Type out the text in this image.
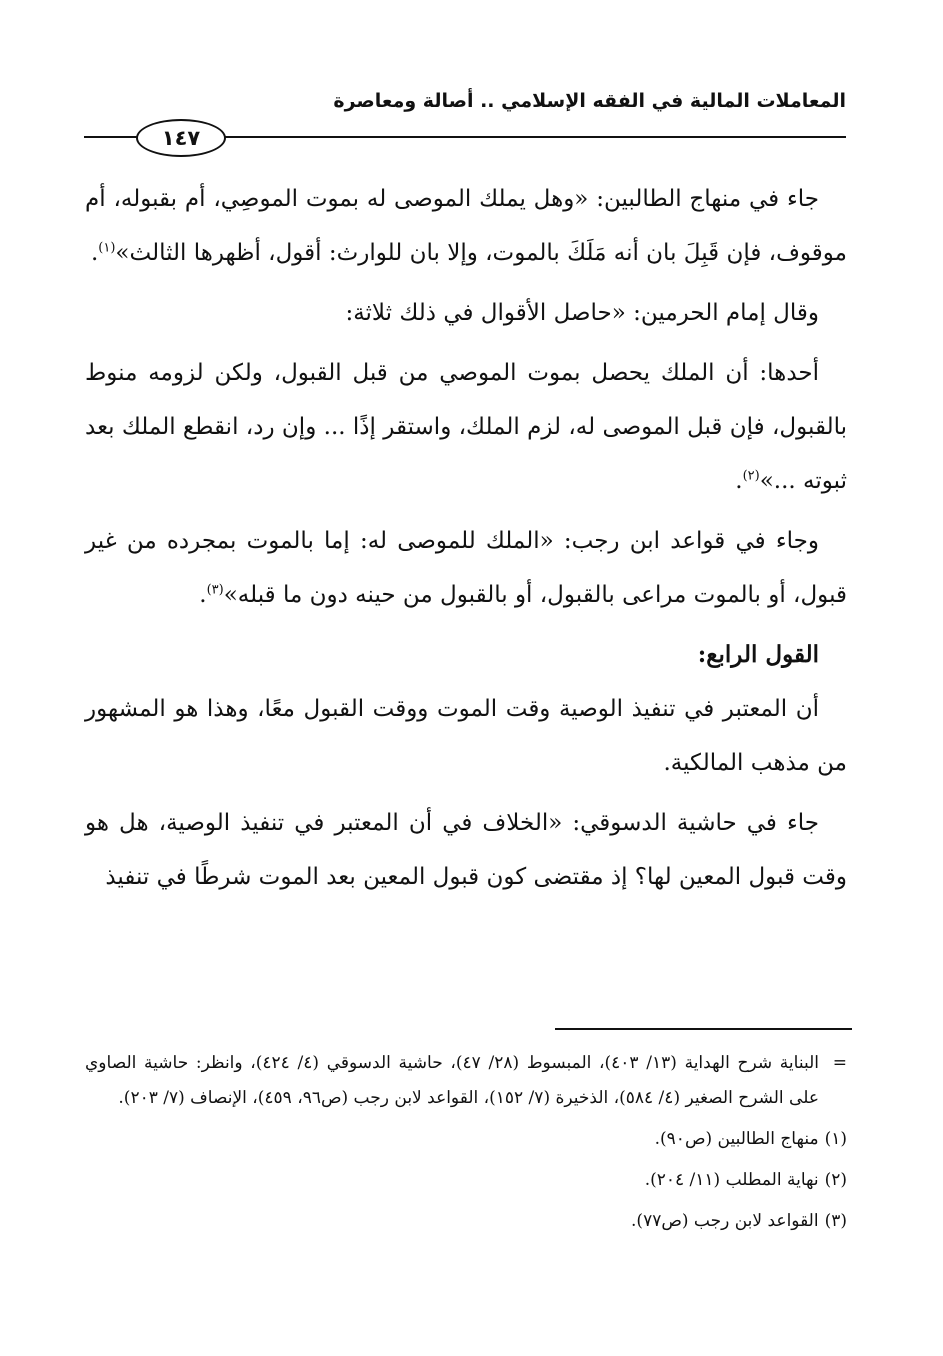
المعاملات المالية في الفقه الإسلامي .. أصالة ومعاصرة
١٤٧

جاء في منهاج الطالبين: «وهل يملك الموصى له بموت الموصِي، أم بقبوله، أم موقوف، فإن قَبِلَ بان أنه مَلَكَ بالموت، وإلا بان للوارث: أقول، أظهرها الثالث»$^{(١)}$.

وقال إمام الحرمين: «حاصل الأقوال في ذلك ثلاثة:

أحدها: أن الملك يحصل بموت الموصي من قبل القبول، ولكن لزومه منوط بالقبول، فإن قبل الموصى له، لزم الملك، واستقر إذًا ... وإن رد، انقطع الملك بعد ثبوته ...»$^{(٢)}$.

وجاء في قواعد ابن رجب: «الملك للموصى له: إما بالموت بمجرده من غير قبول، أو بالموت مراعى بالقبول، أو بالقبول من حينه دون ما قبله»$^{(٣)}$.

القول الرابع:

أن المعتبر في تنفيذ الوصية وقت الموت ووقت القبول معًا، وهذا هو المشهور من مذهب المالكية.

جاء في حاشية الدسوقي: «الخلاف في أن المعتبر في تنفيذ الوصية، هل هو وقت قبول المعين لها؟ إذ مقتضى كون قبول المعين بعد الموت شرطًا في تنفيذ

=
البناية شرح الهداية (١٣/ ٤٠٣)، المبسوط (٢٨/ ٤٧)، حاشية الدسوقي (٤/ ٤٢٤)، وانظر: حاشية الصاوي على الشرح الصغير (٤/ ٥٨٤)، الذخيرة (٧/ ١٥٢)، القواعد لابن رجب (ص٩٦، ٤٥٩)، الإنصاف (٧/ ٢٠٣).

(١)منهاج الطالبين (ص٩٠).

(٢)نهاية المطلب (١١/ ٢٠٤).

(٣)القواعد لابن رجب (ص٧٧).
